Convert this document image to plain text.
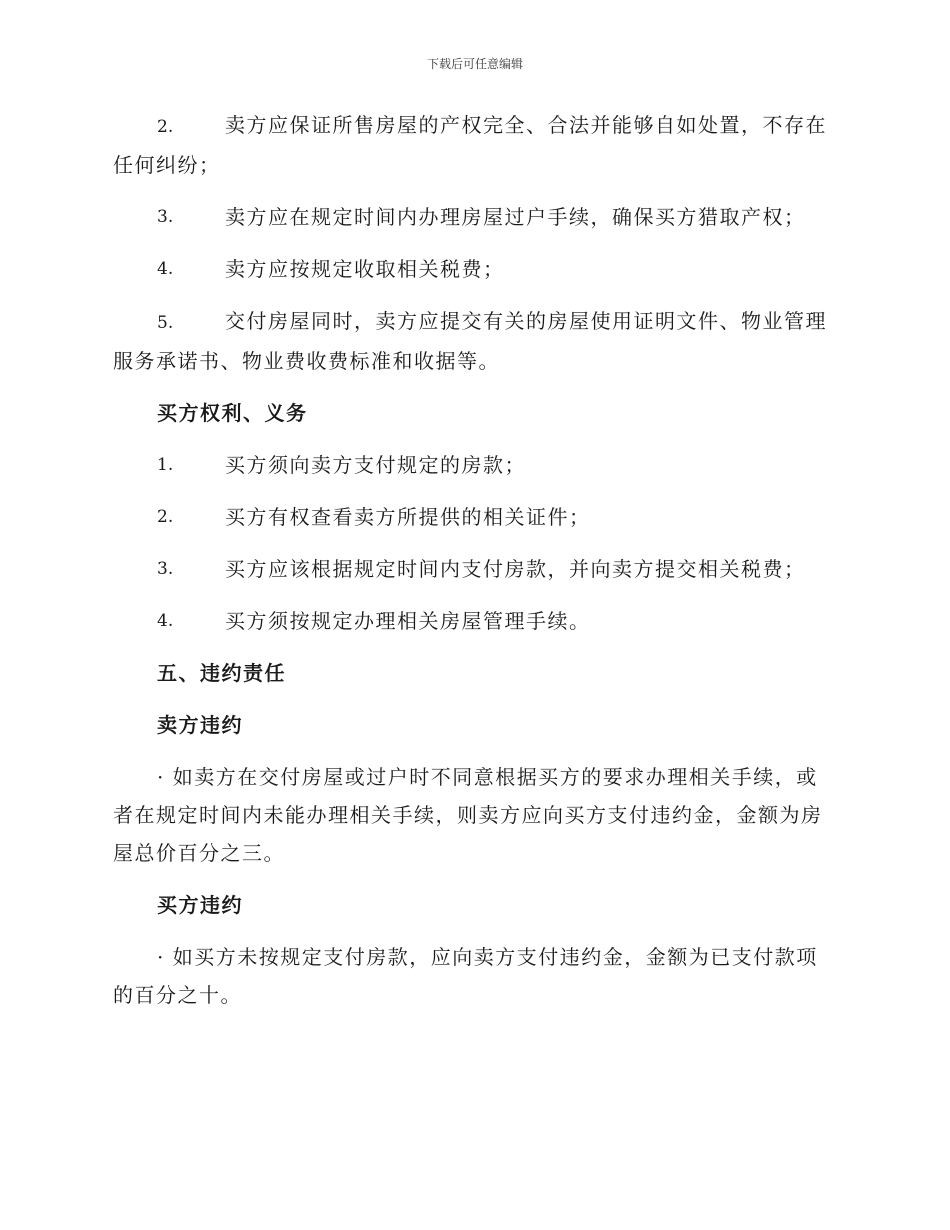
下载后可任意编辑

2.	卖方应保证所售房屋的产权完全、合法并能够自如处置，不存在任何纠纷；

3.	卖方应在规定时间内办理房屋过户手续，确保买方猎取产权；

4.	卖方应按规定收取相关税费；

5.	交付房屋同时，卖方应提交有关的房屋使用证明文件、物业管理服务承诺书、物业费收费标准和收据等。

买方权利、义务

1.	买方须向卖方支付规定的房款；

2.	买方有权查看卖方所提供的相关证件；

3.	买方应该根据规定时间内支付房款，并向卖方提交相关税费；

4.	买方须按规定办理相关房屋管理手续。

五、违约责任
卖方违约

· 如卖方在交付房屋或过户时不同意根据买方的要求办理相关手续，或者在规定时间内未能办理相关手续，则卖方应向买方支付违约金，金额为房屋总价百分之三。

买方违约

· 如买方未按规定支付房款，应向卖方支付违约金，金额为已支付款项的百分之十。
